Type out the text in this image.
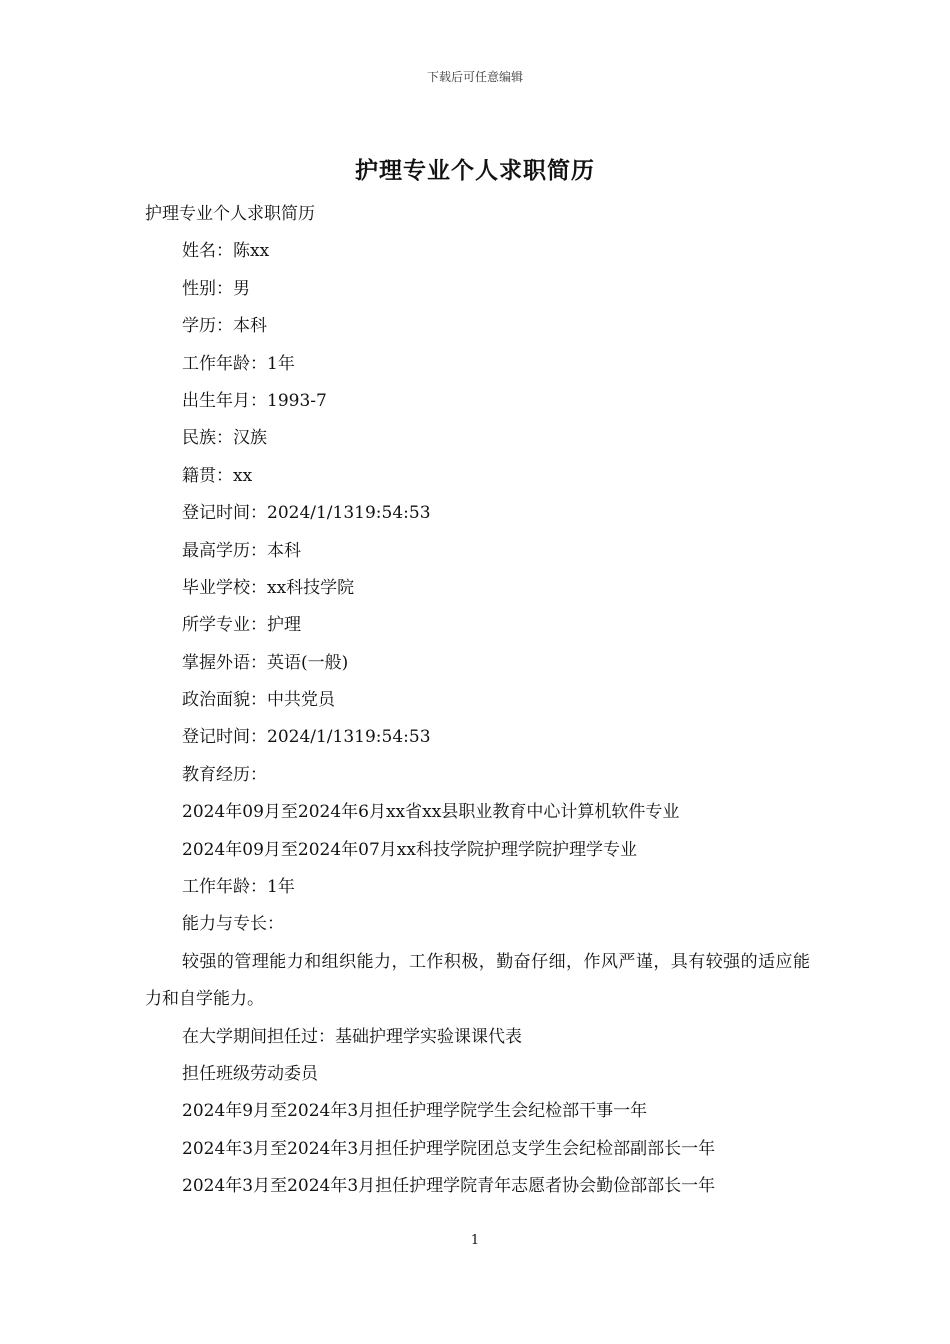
下载后可任意编辑
护理专业个人求职简历
护理专业个人求职简历
姓名：陈xx
性别：男
学历：本科
工作年龄：1年
出生年月：1993-7
民族：汉族
籍贯：xx
登记时间：2024/1/1319:54:53
最高学历：本科
毕业学校：xx科技学院
所学专业：护理
掌握外语：英语(一般)
政治面貌：中共党员
登记时间：2024/1/1319:54:53
教育经历：
2024年09月至2024年6月xx省xx县职业教育中心计算机软件专业
2024年09月至2024年07月xx科技学院护理学院护理学专业
工作年龄：1年
能力与专长：
较强的管理能力和组织能力，工作积极，勤奋仔细，作风严谨，具有较强的适应能力和自学能力。
在大学期间担任过：基础护理学实验课课代表
担任班级劳动委员
2024年9月至2024年3月担任护理学院学生会纪检部干事一年
2024年3月至2024年3月担任护理学院团总支学生会纪检部副部长一年
2024年3月至2024年3月担任护理学院青年志愿者协会勤俭部部长一年
1
